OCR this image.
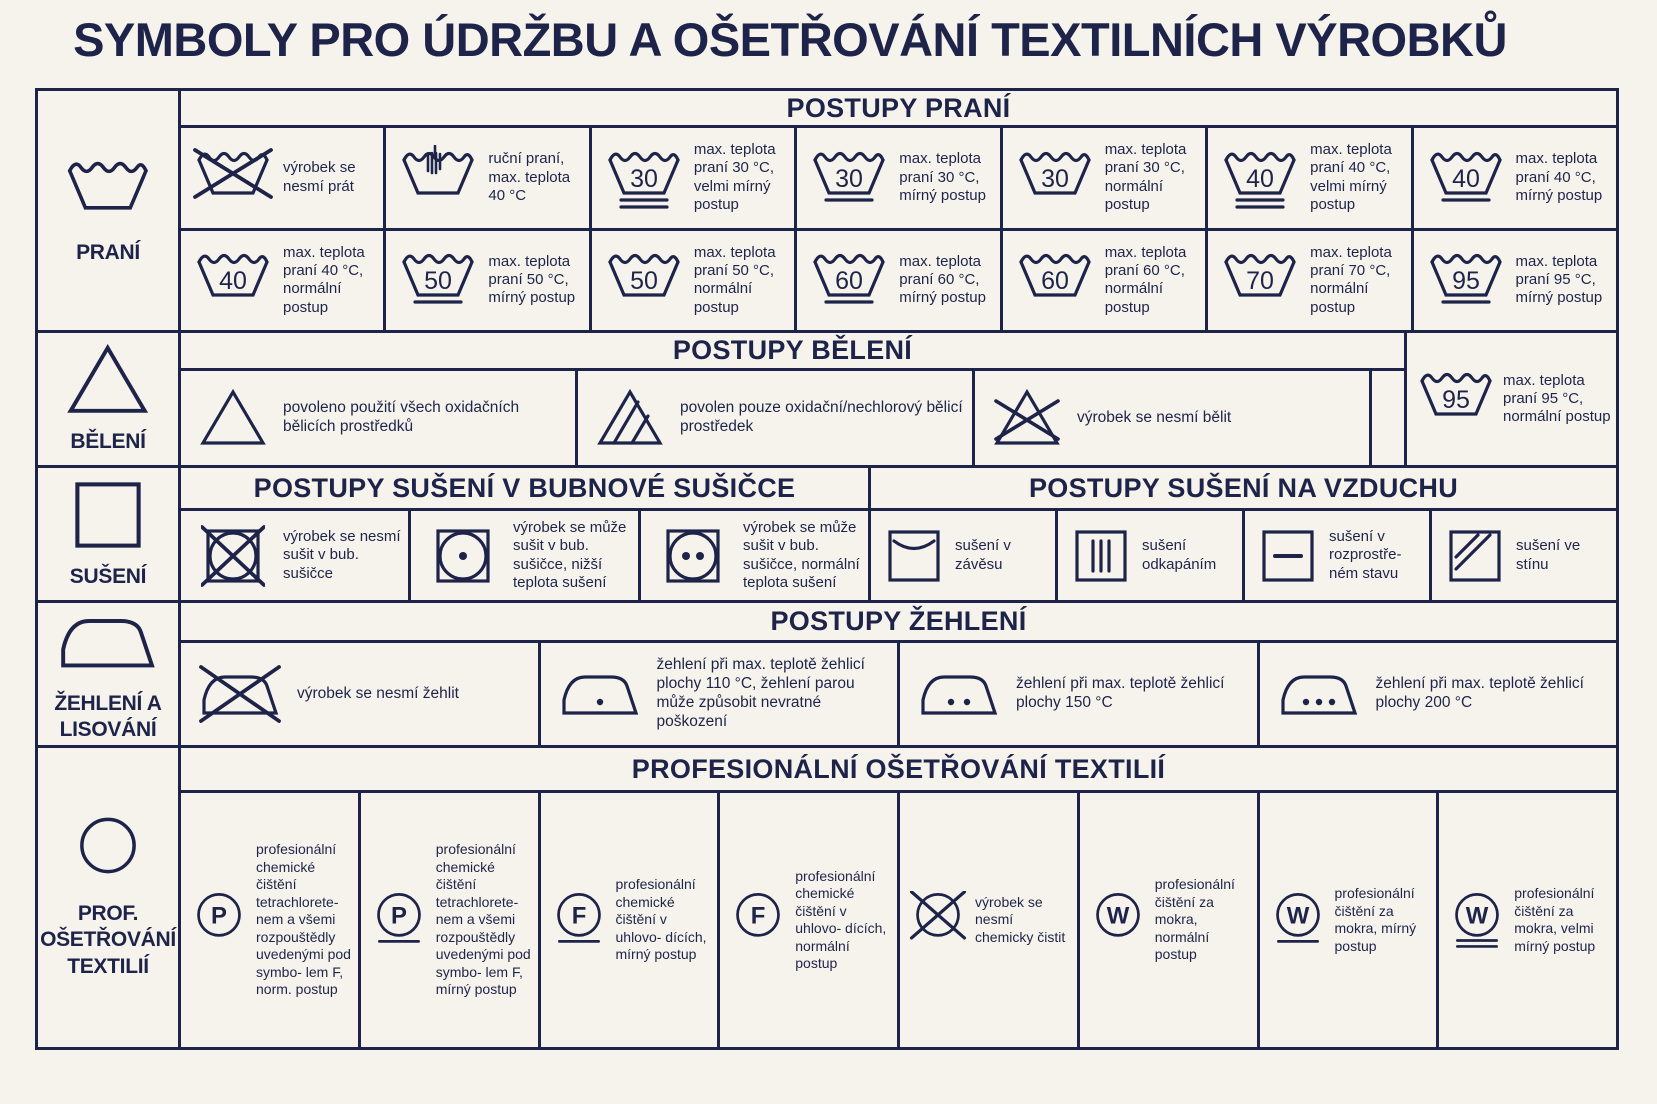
SYMBOLY PRO ÚDRŽBU A OŠETŘOVÁNÍ TEXTILNÍCH VÝROBKŮ
PRANÍ
BĚLENÍ
SUŠENÍ
ŽEHLENÍ A LISOVÁNÍ
PROF. OŠETŘOVÁNÍ TEXTILIÍ
POSTUPY PRANÍ
výrobek se nesmí prát
ruční praní, max. teplota 40 °C
30
max. teplota praní 30 °C, velmi mírný postup
30
max. teplota praní 30 °C, mírný postup
30
max. teplota praní 30 °C, normální postup
40
max. teplota praní 40 °C, velmi mírný postup
40
max. teplota praní 40 °C, mírný postup
40
max. teplota praní 40 °C, normální postup
50
max. teplota praní 50 °C, mírný postup
50
max. teplota praní 50 °C, normální postup
60
max. teplota praní 60 °C, mírný postup
60
max. teplota praní 60 °C, normální postup
70
max. teplota praní 70 °C, normální postup
95
max. teplota praní 95 °C, mírný postup
POSTUPY BĚLENÍ
povoleno použití všech oxidačních bělicích prostředků
povolen pouze oxidační/nechlorový bělicí prostředek
výrobek se nesmí bělit
95
max. teplota praní 95 °C, normální postup
POSTUPY SUŠENÍ V BUBNOVÉ SUŠIČCE
výrobek se nesmí sušit v bub. sušičce
výrobek se může sušit v bub. sušičce, nižší teplota sušení
výrobek se může sušit v bub. sušičce, normální teplota sušení
POSTUPY SUŠENÍ NA VZDUCHU
sušení v závěsu
sušení odkapáním
sušení v rozprostře-ném stavu
sušení ve stínu
POSTUPY ŽEHLENÍ
výrobek se nesmí žehlit
žehlení při max. teplotě žehlicí plochy 110 °C, žehlení parou může způsobit nevratné poškození
žehlení při max. teplotě žehlicí plochy 150 °C
žehlení při max. teplotě žehlicí plochy 200 °C
PROFESIONÁLNÍ OŠETŘOVÁNÍ TEXTILIÍ
P
profesionální chemické čištění tetrachlorete- nem a všemi rozpouštědly uvedenými pod symbo- lem F, norm. postup
P
profesionální chemické čištění tetrachlorete- nem a všemi rozpouštědly uvedenými pod symbo- lem F, mírný postup
F
profesionální chemické čištění v uhlovo- dících, mírný postup
F
profesionální chemické čištění v uhlovo- dících, normální postup
výrobek se nesmí chemicky čistit
W
profesionální čištění za mokra, normální postup
W
profesionální čištění za mokra, mírný postup
W
profesionální čištění za mokra, velmi mírný postup
